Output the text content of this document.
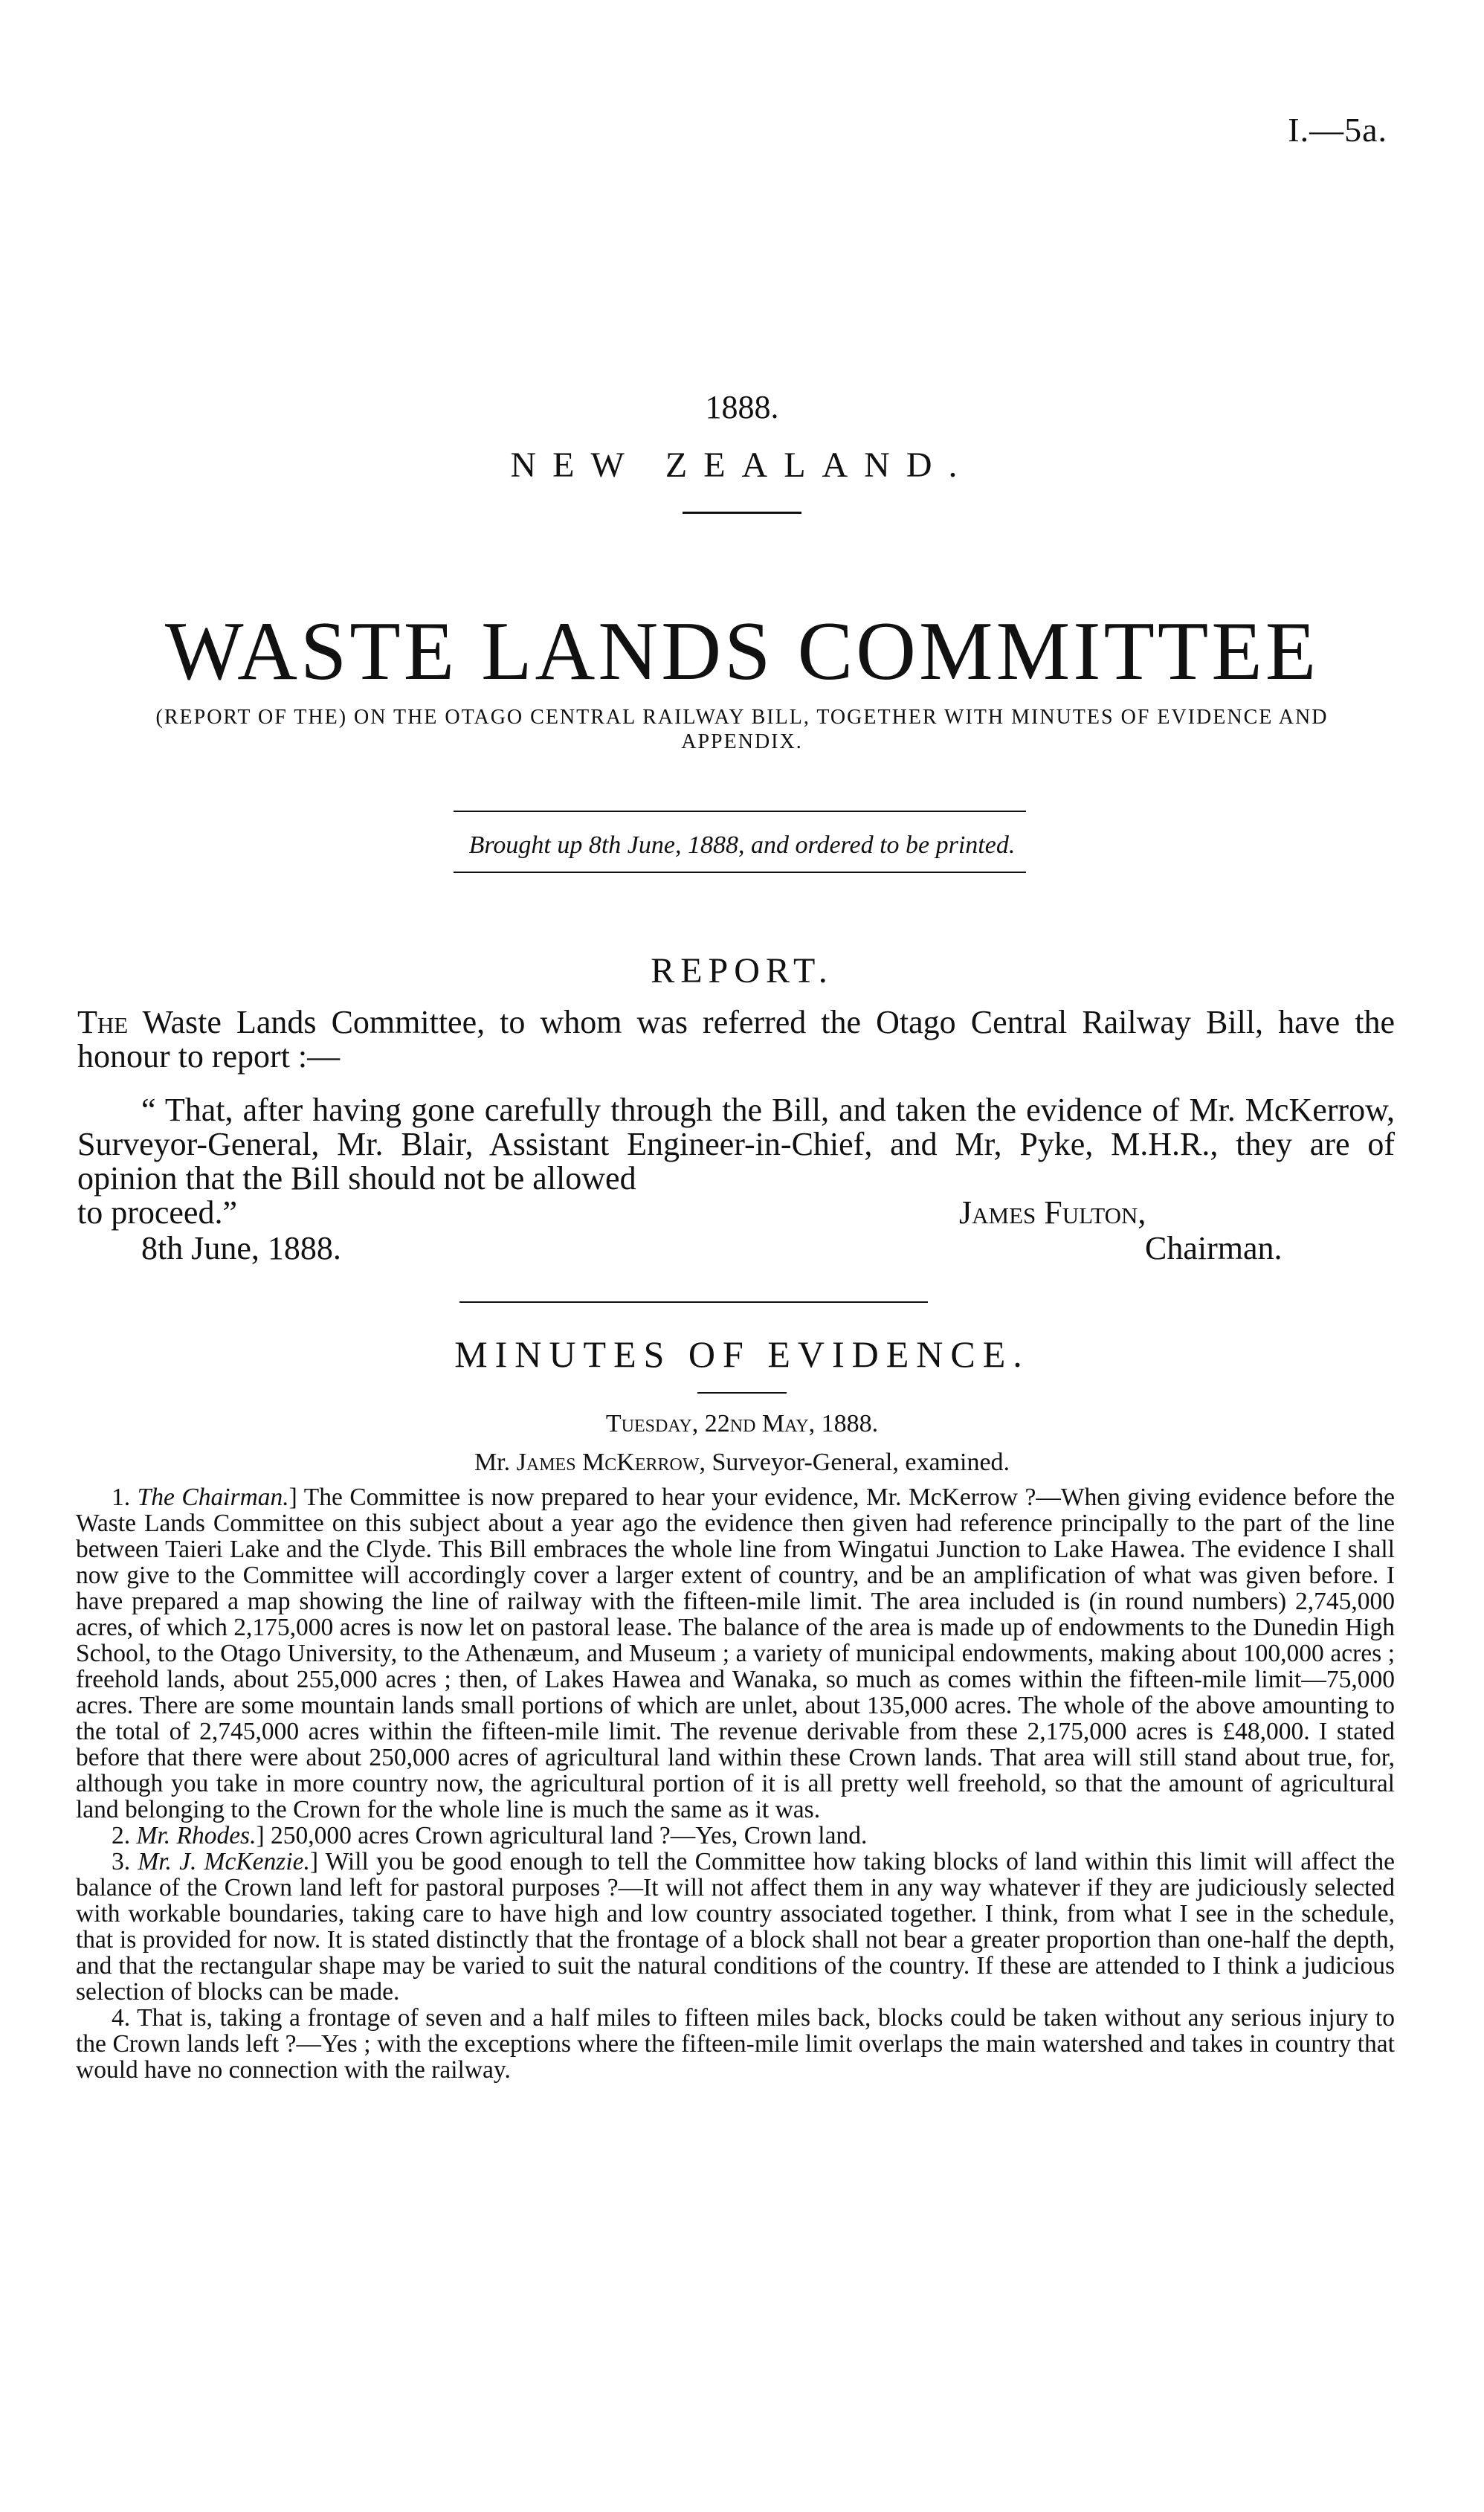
I.—5a.
1888.
NEW ZEALAND.
WASTE LANDS COMMITTEE
(REPORT OF THE) ON THE OTAGO CENTRAL RAILWAY BILL, TOGETHER WITH MINUTES OF EVIDENCE AND APPENDIX.
Brought up 8th June, 1888, and ordered to be printed.
REPORT.
The Waste Lands Committee, to whom was referred the Otago Central Railway Bill, have the honour to report :—
“ That, after having gone carefully through the Bill, and taken the evidence of Mr. McKerrow, Surveyor-General, Mr. Blair, Assistant Engineer-in-Chief, and Mr, Pyke, M.H.R., they are of opinion that the Bill should not be allowed
to proceed.”	James Fulton,
8th June, 1888.	Chairman.
MINUTES OF EVIDENCE.
Tuesday, 22nd May, 1888.
Mr. James McKerrow, Surveyor-General, examined.

1. The Chairman.] The Committee is now prepared to hear your evidence, Mr. McKerrow ?—When giving evidence before the Waste Lands Committee on this subject about a year ago the evidence then given had reference principally to the part of the line between Taieri Lake and the Clyde. This Bill embraces the whole line from Wingatui Junction to Lake Hawea. The evidence I shall now give to the Committee will accordingly cover a larger extent of country, and be an amplification of what was given before. I have prepared a map showing the line of railway with the fifteen-mile limit. The area included is (in round numbers) 2,745,000 acres, of which 2,175,000 acres is now let on pastoral lease. The balance of the area is made up of endowments to the Dunedin High School, to the Otago University, to the Athenæum, and Museum ; a variety of municipal endowments, making about 100,000 acres ; freehold lands, about 255,000 acres ; then, of Lakes Hawea and Wanaka, so much as comes within the fifteen-mile limit—75,000 acres. There are some mountain lands small portions of which are unlet, about 135,000 acres. The whole of the above amounting to the total of 2,745,000 acres within the fifteen-mile limit. The revenue derivable from these 2,175,000 acres is £48,000. I stated before that there were about 250,000 acres of agricultural land within these Crown lands. That area will still stand about true, for, although you take in more country now, the agricultural portion of it is all pretty well freehold, so that the amount of agricultural land belonging to the Crown for the whole line is much the same as it was.

2. Mr. Rhodes.] 250,000 acres Crown agricultural land ?—Yes, Crown land.

3. Mr. J. McKenzie.] Will you be good enough to tell the Committee how taking blocks of land within this limit will affect the balance of the Crown land left for pastoral purposes ?—It will not affect them in any way whatever if they are judiciously selected with workable boundaries, taking care to have high and low country associated together. I think, from what I see in the schedule, that is provided for now. It is stated distinctly that the frontage of a block shall not bear a greater proportion than one-half the depth, and that the rectangular shape may be varied to suit the natural conditions of the country. If these are attended to I think a judicious selection of blocks can be made.

4. That is, taking a frontage of seven and a half miles to fifteen miles back, blocks could be taken without any serious injury to the Crown lands left ?—Yes ; with the exceptions where the fifteen-mile limit overlaps the main watershed and takes in country that would have no connection with the railway.
